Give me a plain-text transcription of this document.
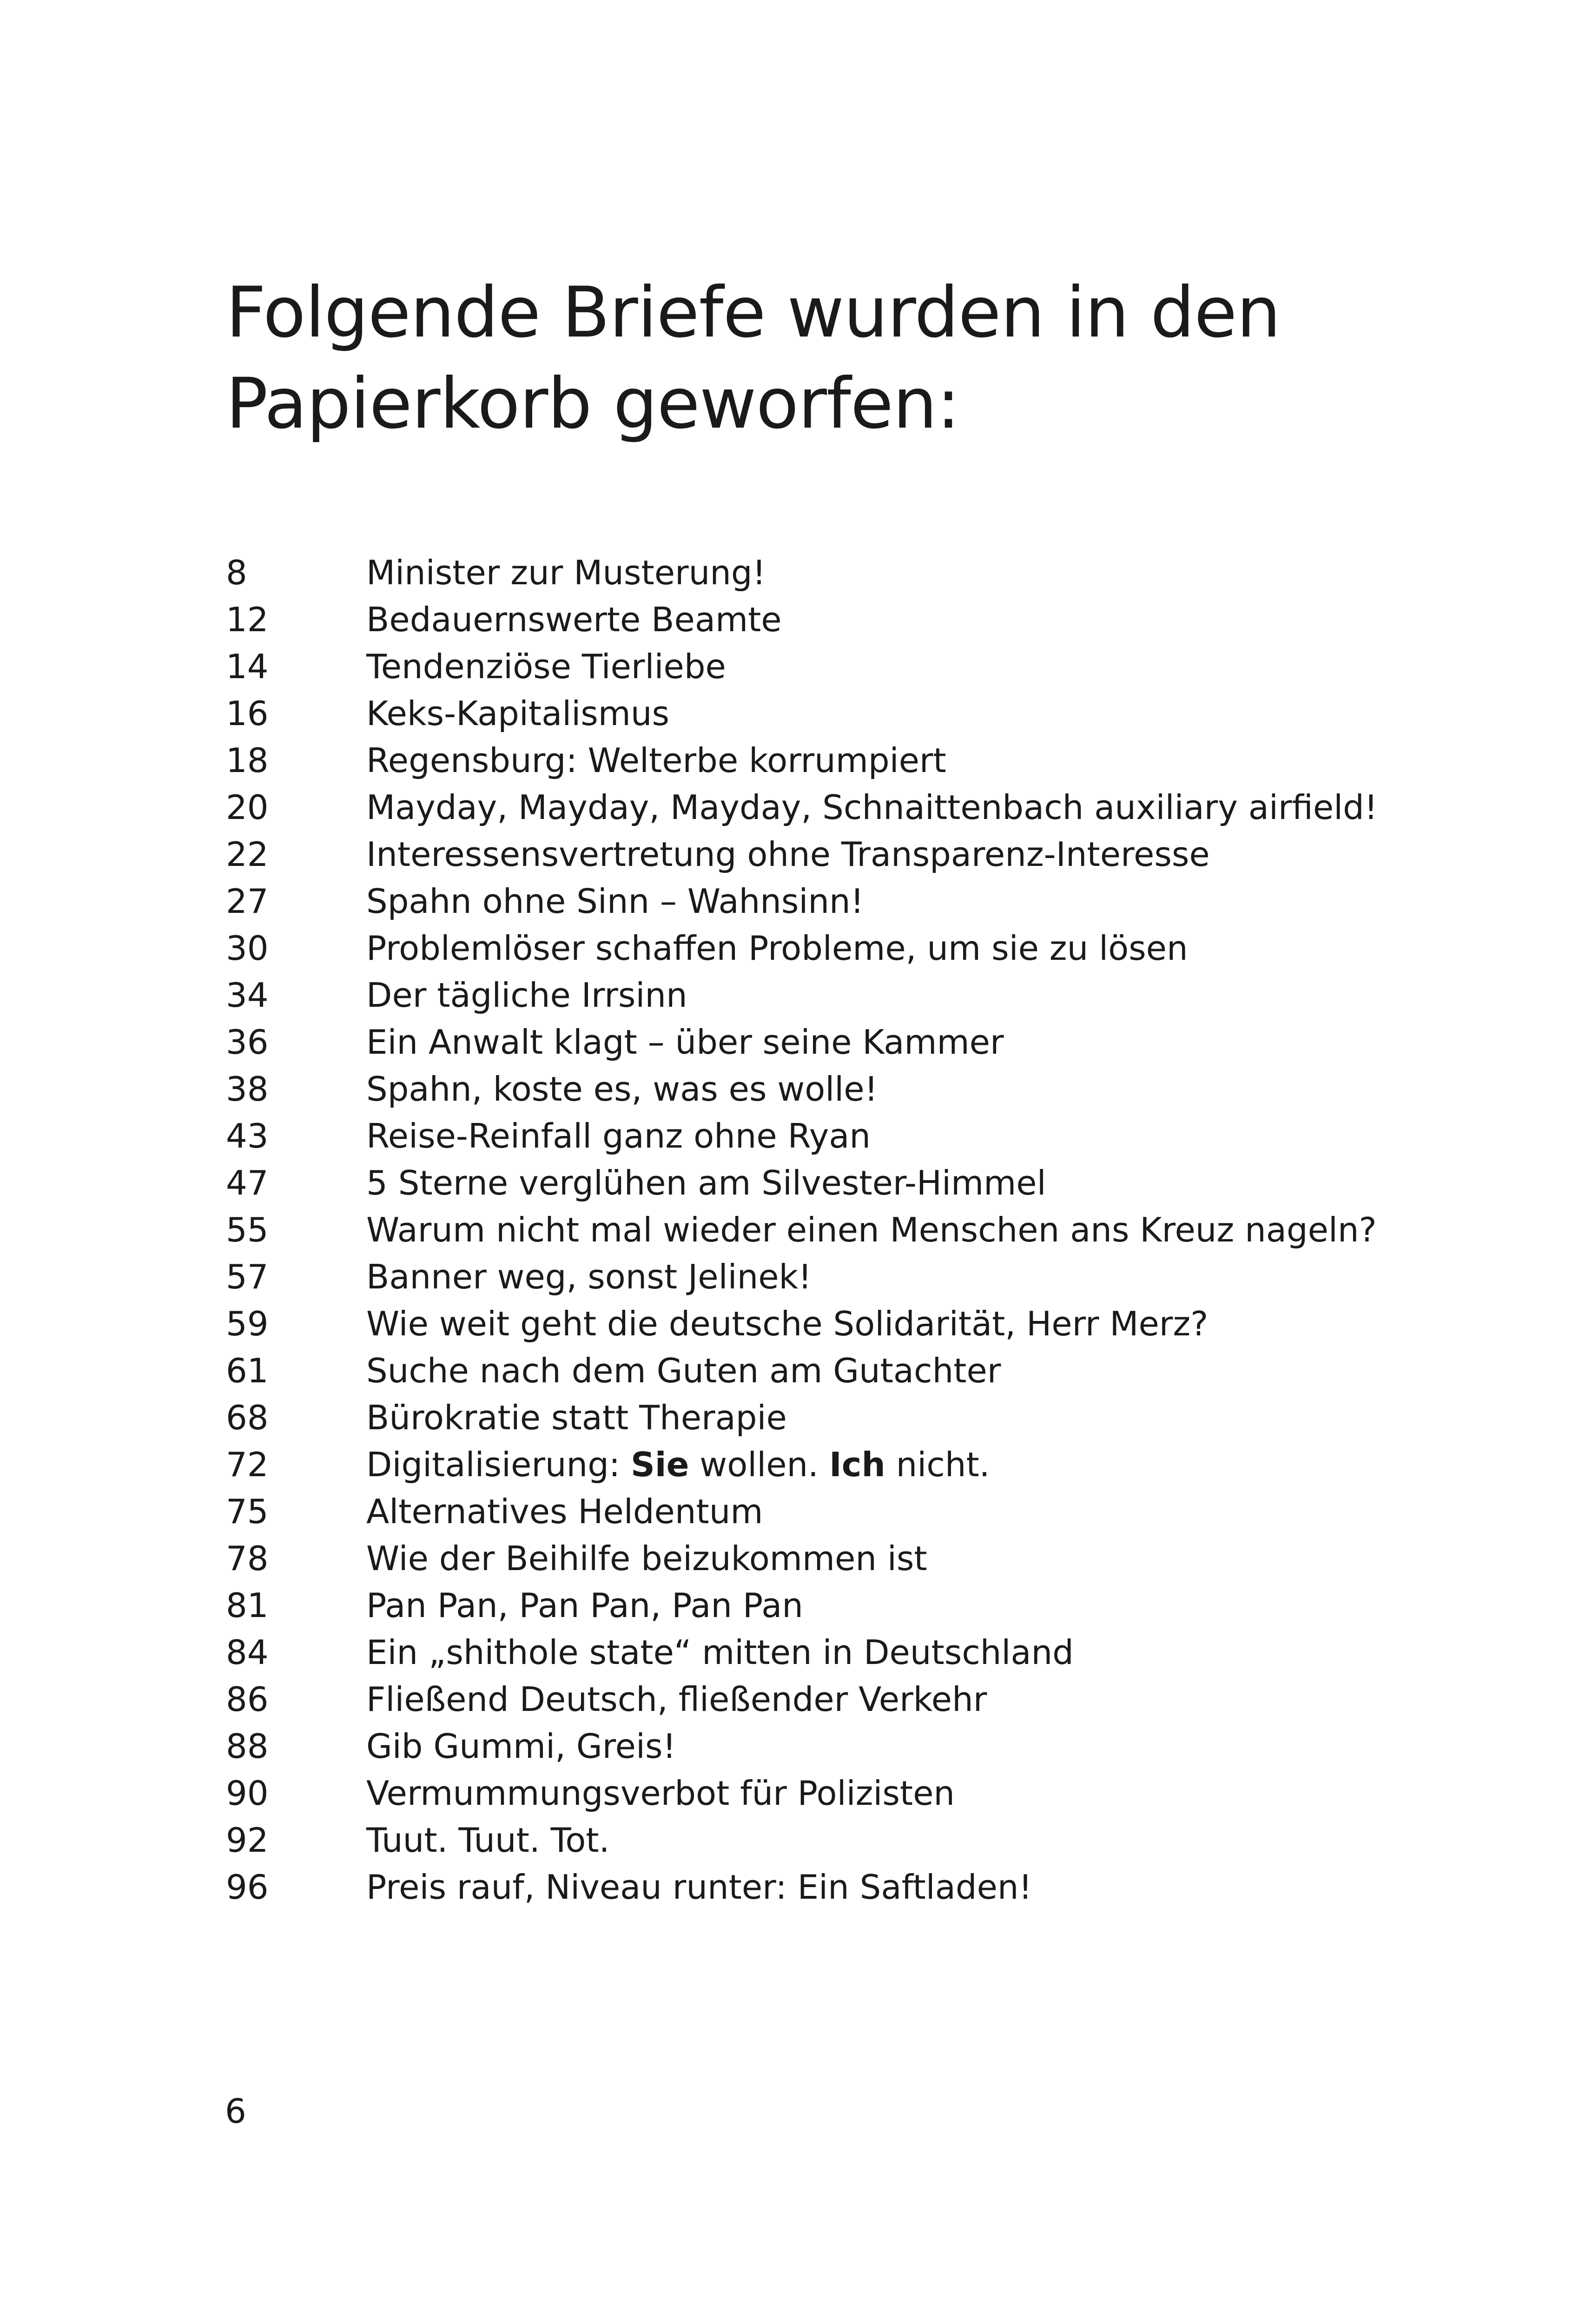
Folgende Briefe wurden in den
Papierkorb geworfen:
8	Minister zur Musterung!
12	Bedauernswerte Beamte
14	Tendenziöse Tierliebe
16	Keks-Kapitalismus
18	Regensburg: Welterbe korrumpiert
20	Mayday, Mayday, Mayday, Schnaittenbach auxiliary airfield!
22	Interessensvertretung ohne Transparenz-Interesse
27	Spahn ohne Sinn – Wahnsinn!
30	Problemlöser schaffen Probleme, um sie zu lösen
34	Der tägliche Irrsinn
36	Ein Anwalt klagt – über seine Kammer
38	Spahn, koste es, was es wolle!
43	Reise-Reinfall ganz ohne Ryan
47	5 Sterne verglühen am Silvester-Himmel
55	Warum nicht mal wieder einen Menschen ans Kreuz nageln?
57	Banner weg, sonst Jelinek!
59	Wie weit geht die deutsche Solidarität, Herr Merz?
61	Suche nach dem Guten am Gutachter
68	Bürokratie statt Therapie
72	Digitalisierung: Sie wollen. Ich nicht.
75	Alternatives Heldentum
78	Wie der Beihilfe beizukommen ist
81	Pan Pan, Pan Pan, Pan Pan
84	Ein „shithole state“ mitten in Deutschland
86	Fließend Deutsch, fließender Verkehr
88	Gib Gummi, Greis!
90	Vermummungsverbot für Polizisten
92	Tuut. Tuut. Tot.
96	Preis rauf, Niveau runter: Ein Saftladen!
6
